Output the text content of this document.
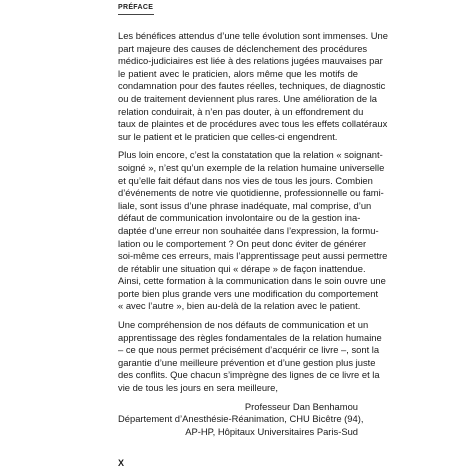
PRÉFACE
Les bénéfices attendus d’une telle évolution sont immenses. Une
part majeure des causes de déclenchement des procédures
médico-judiciaires est liée à des relations jugées mauvaises par
le patient avec le praticien, alors même que les motifs de
condamnation pour des fautes réelles, techniques, de diagnostic
ou de traitement deviennent plus rares. Une amélioration de la
relation conduirait, à n’en pas douter, à un effondrement du
taux de plaintes et de procédures avec tous les effets collatéraux
sur le patient et le praticien que celles-ci engendrent.
Plus loin encore, c’est la constatation que la relation « soignant-
soigné », n’est qu’un exemple de la relation humaine universelle
et qu’elle fait défaut dans nos vies de tous les jours. Combien
d’événements de notre vie quotidienne, professionnelle ou fami-
liale, sont issus d’une phrase inadéquate, mal comprise, d’un
défaut de communication involontaire ou de la gestion ina-
daptée d’une erreur non souhaitée dans l’expression, la formu-
lation ou le comportement ? On peut donc éviter de générer
soi-même ces erreurs, mais l’apprentissage peut aussi permettre
de rétablir une situation qui « dérape » de façon inattendue.
Ainsi, cette formation à la communication dans le soin ouvre une
porte bien plus grande vers une modification du comportement
« avec l’autre », bien au-delà de la relation avec le patient.
Une compréhension de nos défauts de communication et un
apprentissage des règles fondamentales de la relation humaine
– ce que nous permet précisément d’acquérir ce livre –, sont la
garantie d’une meilleure prévention et d’une gestion plus juste
des conflits. Que chacun s’imprègne des lignes de ce livre et la
vie de tous les jours en sera meilleure,
Professeur Dan Benhamou
Département d’Anesthésie-Réanimation, CHU Bicêtre (94),
AP-HP, Hôpitaux Universitaires Paris-Sud
X
